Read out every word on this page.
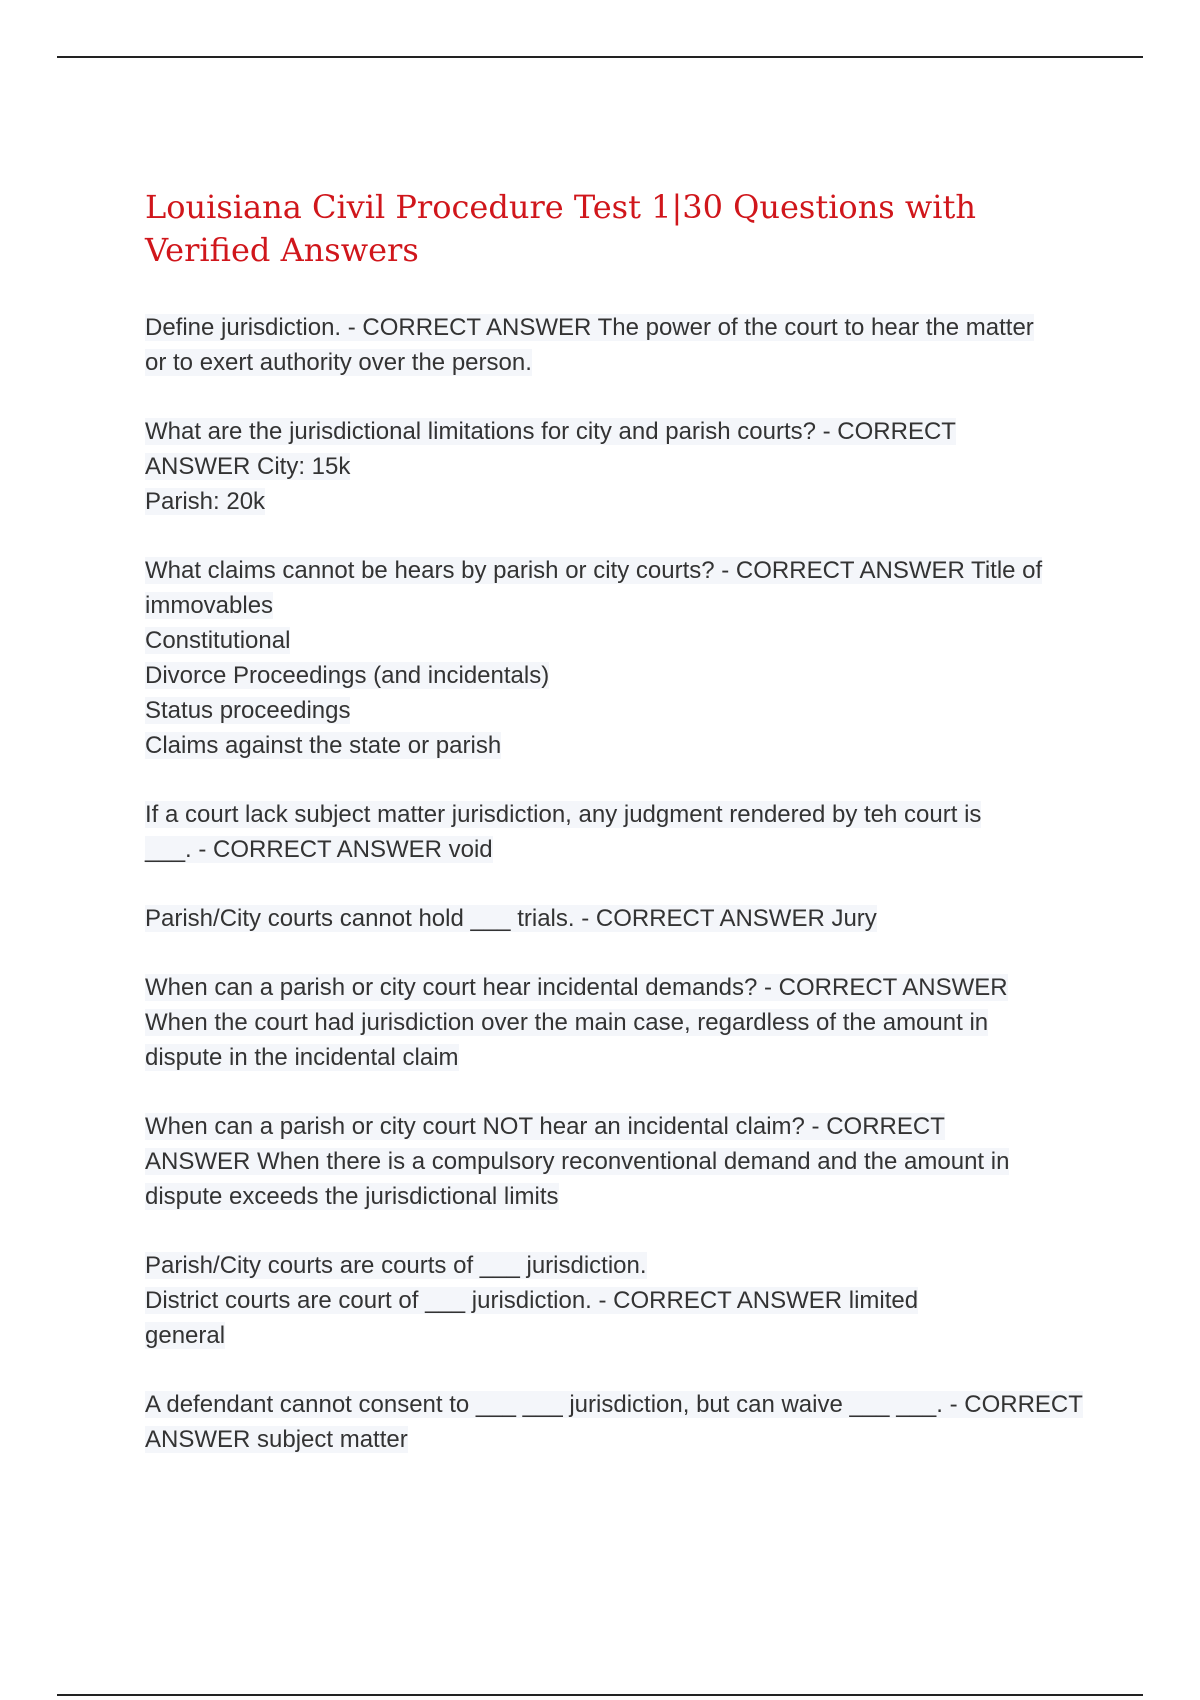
Louisiana Civil Procedure Test 1|30 Questions with Verified Answers
Define jurisdiction. - CORRECT ANSWER The power of the court to hear the matter
or to exert authority over the person.
What are the jurisdictional limitations for city and parish courts? - CORRECT
ANSWER City: 15k
Parish: 20k
What claims cannot be hears by parish or city courts? - CORRECT ANSWER Title of
immovables
Constitutional
Divorce Proceedings (and incidentals)
Status proceedings
Claims against the state or parish
If a court lack subject matter jurisdiction, any judgment rendered by teh court is
___. - CORRECT ANSWER void
Parish/City courts cannot hold ___ trials. - CORRECT ANSWER Jury
When can a parish or city court hear incidental demands? - CORRECT ANSWER
When the court had jurisdiction over the main case, regardless of the amount in
dispute in the incidental claim
When can a parish or city court NOT hear an incidental claim? - CORRECT
ANSWER When there is a compulsory reconventional demand and the amount in
dispute exceeds the jurisdictional limits
Parish/City courts are courts of ___ jurisdiction.
District courts are court of ___ jurisdiction. - CORRECT ANSWER limited
general
A defendant cannot consent to ___ ___ jurisdiction, but can waive ___ ___. - CORRECT
ANSWER subject matter
